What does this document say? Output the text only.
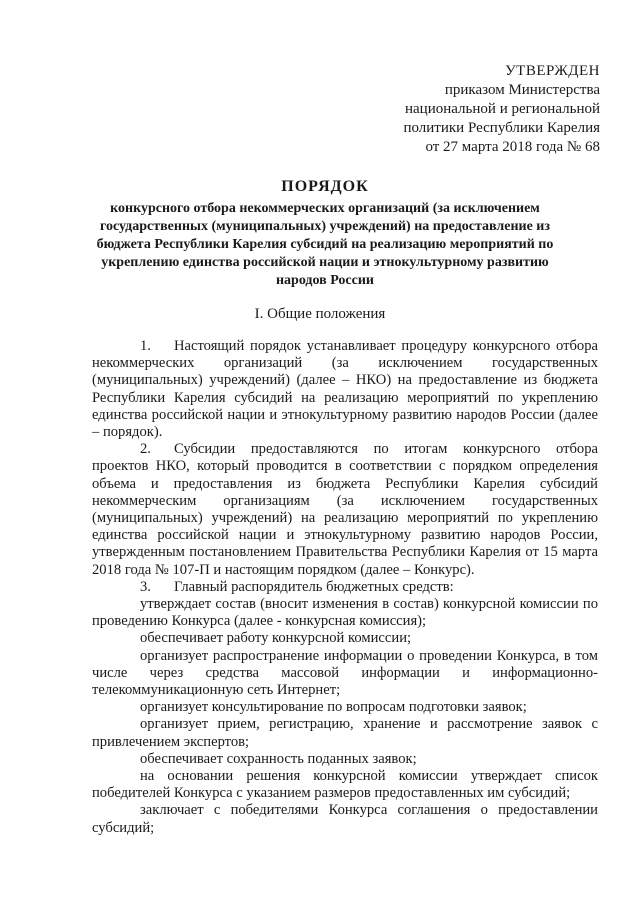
УТВЕРЖДЕН
приказом Министерства
национальной и региональной
политики Республики Карелия
от 27 марта 2018 года № 68
ПОРЯДОК
конкурсного отбора некоммерческих организаций (за исключением государственных (муниципальных) учреждений) на предоставление из бюджета Республики Карелия субсидий на реализацию мероприятий по укреплению единства российской нации и этнокультурному развитию народов России
I. Общие положения

1. Настоящий порядок устанавливает процедуру конкурсного отбора некоммерческих организаций (за исключением государственных (муниципальных) учреждений) (далее – НКО) на предоставление из бюджета Республики Карелия субсидий на реализацию мероприятий по укреплению единства российской нации и этнокультурному развитию народов России (далее – порядок).

2. Субсидии предоставляются по итогам конкурсного отбора проектов НКО, который проводится в соответствии с порядком определения объема и предоставления из бюджета Республики Карелия субсидий некоммерческим организациям (за исключением государственных (муниципальных) учреждений) на реализацию мероприятий по укреплению единства российской нации и этнокультурному развитию народов России, утвержденным постановлением Правительства Республики Карелия от 15 марта 2018 года № 107-П и настоящим порядком (далее – Конкурс).

3. Главный распорядитель бюджетных средств:

утверждает состав (вносит изменения в состав) конкурсной комиссии по проведению Конкурса (далее - конкурсная комиссия);

обеспечивает работу конкурсной комиссии;

организует распространение информации о проведении Конкурса, в том числе через средства массовой информации и информационно-телекоммуникационную сеть Интернет;

организует консультирование по вопросам подготовки заявок;

организует прием, регистрацию, хранение и рассмотрение заявок с привлечением экспертов;

обеспечивает сохранность поданных заявок;

на основании решения конкурсной комиссии утверждает список победителей Конкурса с указанием размеров предоставленных им субсидий;

заключает с победителями Конкурса соглашения о предоставлении субсидий;
